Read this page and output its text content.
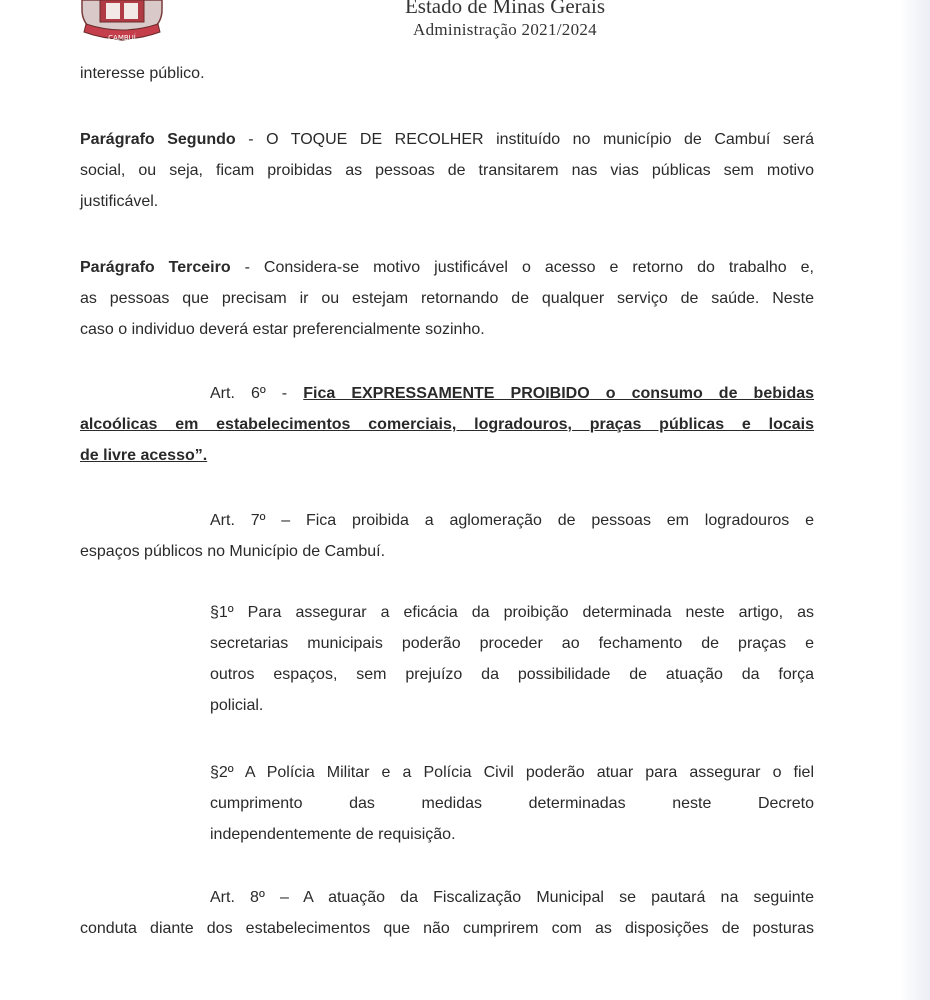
CAMBUÍ
Estado de Minas Gerais
Administração 2021/2024

interesse público.

Parágrafo Segundo - O TOQUE DE RECOLHER instituído no município de Cambuí será
social, ou seja, ficam proibidas as pessoas de transitarem nas vias públicas sem motivo
justificável.
Parágrafo Terceiro - Considera-se motivo justificável o acesso e retorno do trabalho e,
as pessoas que precisam ir ou estejam retornando de qualquer serviço de saúde. Neste
caso o individuo deverá estar preferencialmente sozinho.
Art. 6º - Fica EXPRESSAMENTE PROIBIDO o consumo de bebidas
alcoólicas em estabelecimentos comerciais, logradouros, praças públicas e locais
de livre acesso”.
Art. 7º – Fica proibida a aglomeração de pessoas em logradouros e
espaços públicos no Município de Cambuí.
§1º Para assegurar a eficácia da proibição determinada neste artigo, as
secretarias municipais poderão proceder ao fechamento de praças e
outros espaços, sem prejuízo da possibilidade de atuação da força
policial.
§2º A Polícia Militar e a Polícia Civil poderão atuar para assegurar o fiel
cumprimento das medidas determinadas neste Decreto
independentemente de requisição.
Art. 8º – A atuação da Fiscalização Municipal se pautará na seguinte
conduta diante dos estabelecimentos que não cumprirem com as disposições de posturas
